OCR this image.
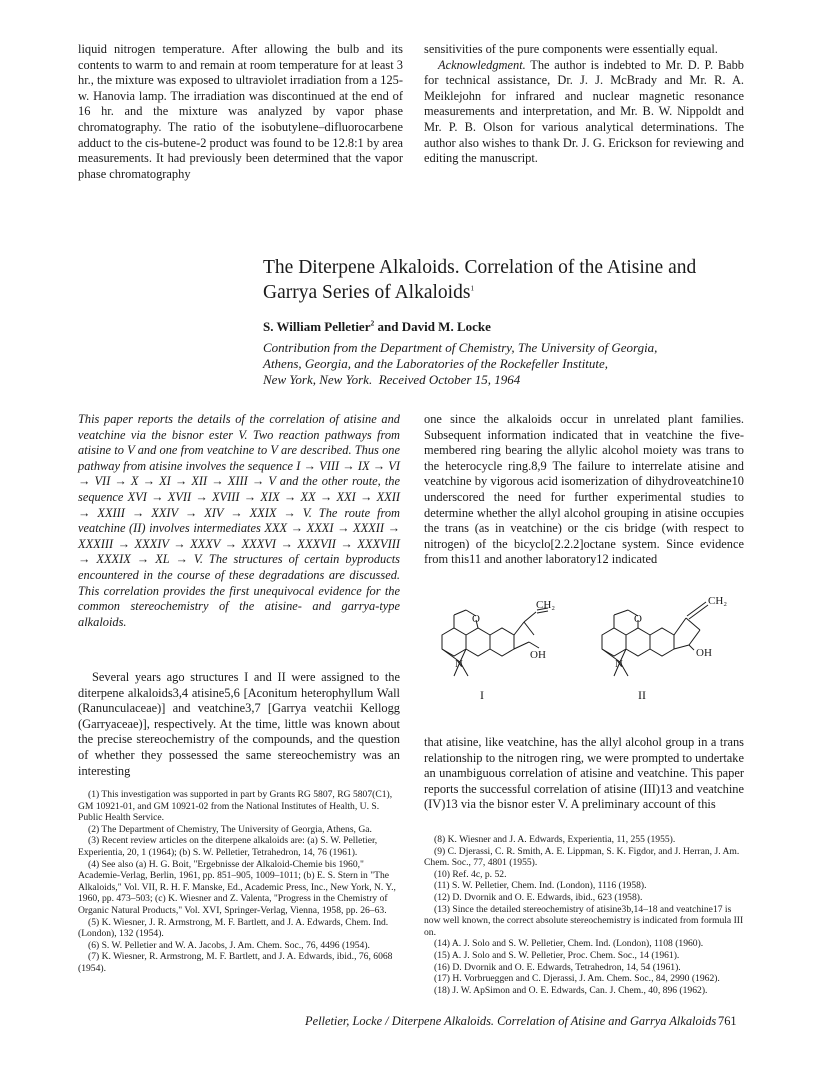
liquid nitrogen temperature. After allowing the bulb and its contents to warm to and remain at room temperature for at least 3 hr., the mixture was exposed to ultraviolet irradiation from a 125-w. Hanovia lamp. The irradiation was discontinued at the end of 16 hr. and the mixture was analyzed by vapor phase chromatography. The ratio of the isobutylene–difluorocarbene adduct to the cis-butene-2 product was found to be 12.8:1 by area measurements. It had previously been determined that the vapor phase chromatography

sensitivities of the pure components were essentially equal.

Acknowledgment. The author is indebted to Mr. D. P. Babb for technical assistance, Dr. J. J. McBrady and Mr. R. A. Meiklejohn for infrared and nuclear magnetic resonance measurements and interpretation, and Mr. B. W. Nippoldt and Mr. P. B. Olson for various analytical determinations. The author also wishes to thank Dr. J. G. Erickson for reviewing and editing the manuscript.

The Diterpene Alkaloids. Correlation of the Atisine and
Garrya Series of Alkaloids$^1$
S. William Pelletier$^2$ and David M. Locke
Contribution from the Department of Chemistry, The University of Georgia,
Athens, Georgia, and the Laboratories of the Rockefeller Institute,
New York, New York. Received October 15, 1964
This paper reports the details of the correlation of atisine and veatchine via the bisnor ester V. Two reaction pathways from atisine to V and one from veatchine to V are described. Thus one pathway from atisine involves the sequence I → VIII → IX → VI → VII → X → XI → XII → XIII → V and the other route, the sequence XVI → XVII → XVIII → XIX → XX → XXI → XXII → XXIII → XXIV → XIV → XXIX → V. The route from veatchine (II) involves intermediates XXX → XXXI → XXXII → XXXIII → XXXIV → XXXV → XXXVI → XXXVII → XXXVIII → XXXIX → XL → V. The structures of certain byproducts encountered in the course of these degradations are discussed. This correlation provides the first unequivocal evidence for the common stereochemistry of the atisine- and garrya-type alkaloids.

Several years ago structures I and II were assigned to the diterpene alkaloids3,4 atisine5,6 [Aconitum heterophyllum Wall (Ranunculaceae)] and veatchine3,7 [Garrya veatchii Kellogg (Garryaceae)], respectively. At the time, little was known about the precise stereochemistry of the compounds, and the question of whether they possessed the same stereochemistry was an interesting

one since the alkaloids occur in unrelated plant families. Subsequent information indicated that in veatchine the five-membered ring bearing the allylic alcohol moiety was trans to the heterocycle ring.8,9 The failure to interrelate atisine and veatchine by vigorous acid isomerization of dihydroveatchine10 underscored the need for further experimental studies to determine whether the allyl alcohol grouping in atisine occupies the trans (as in veatchine) or the cis bridge (with respect to nitrogen) of the bicyclo[2.2.2]octane system. Since evidence from this11 and another laboratory12 indicated

O
CH₂
OH
N
I
O
CH₂
OH
N
II

that atisine, like veatchine, has the allyl alcohol group in a trans relationship to the nitrogen ring, we were prompted to undertake an unambiguous correlation of atisine and veatchine. This paper reports the successful correlation of atisine (III)13 and veatchine (IV)13 via the bisnor ester V. A preliminary account of this

(1) This investigation was supported in part by Grants RG 5807, RG 5807(C1), GM 10921-01, and GM 10921-02 from the National Institutes of Health, U. S. Public Health Service.

(2) The Department of Chemistry, The University of Georgia, Athens, Ga.

(3) Recent review articles on the diterpene alkaloids are: (a) S. W. Pelletier, Experientia, 20, 1 (1964); (b) S. W. Pelletier, Tetrahedron, 14, 76 (1961).

(4) See also (a) H. G. Boit, "Ergebnisse der Alkaloid-Chemie bis 1960," Academie-Verlag, Berlin, 1961, pp. 851–905, 1009–1011; (b) E. S. Stern in "The Alkaloids," Vol. VII, R. H. F. Manske, Ed., Academic Press, Inc., New York, N. Y., 1960, pp. 473–503; (c) K. Wiesner and Z. Valenta, "Progress in the Chemistry of Organic Natural Products," Vol. XVI, Springer-Verlag, Vienna, 1958, pp. 26–63.

(5) K. Wiesner, J. R. Armstrong, M. F. Bartlett, and J. A. Edwards, Chem. Ind. (London), 132 (1954).

(6) S. W. Pelletier and W. A. Jacobs, J. Am. Chem. Soc., 76, 4496 (1954).

(7) K. Wiesner, R. Armstrong, M. F. Bartlett, and J. A. Edwards, ibid., 76, 6068 (1954).

(8) K. Wiesner and J. A. Edwards, Experientia, 11, 255 (1955).

(9) C. Djerassi, C. R. Smith, A. E. Lippman, S. K. Figdor, and J. Herran, J. Am. Chem. Soc., 77, 4801 (1955).

(10) Ref. 4c, p. 52.

(11) S. W. Pelletier, Chem. Ind. (London), 1116 (1958).

(12) D. Dvornik and O. E. Edwards, ibid., 623 (1958).

(13) Since the detailed stereochemistry of atisine3b,14–18 and veatchine17 is now well known, the correct absolute stereochemistry is indicated from formula III on.

(14) A. J. Solo and S. W. Pelletier, Chem. Ind. (London), 1108 (1960).

(15) A. J. Solo and S. W. Pelletier, Proc. Chem. Soc., 14 (1961).

(16) D. Dvornik and O. E. Edwards, Tetrahedron, 14, 54 (1961).

(17) H. Vorbrueggen and C. Djerassi, J. Am. Chem. Soc., 84, 2990 (1962).

(18) J. W. ApSimon and O. E. Edwards, Can. J. Chem., 40, 896 (1962).

Pelletier, Locke / Diterpene Alkaloids. Correlation of Atisine and Garrya Alkaloids 761
